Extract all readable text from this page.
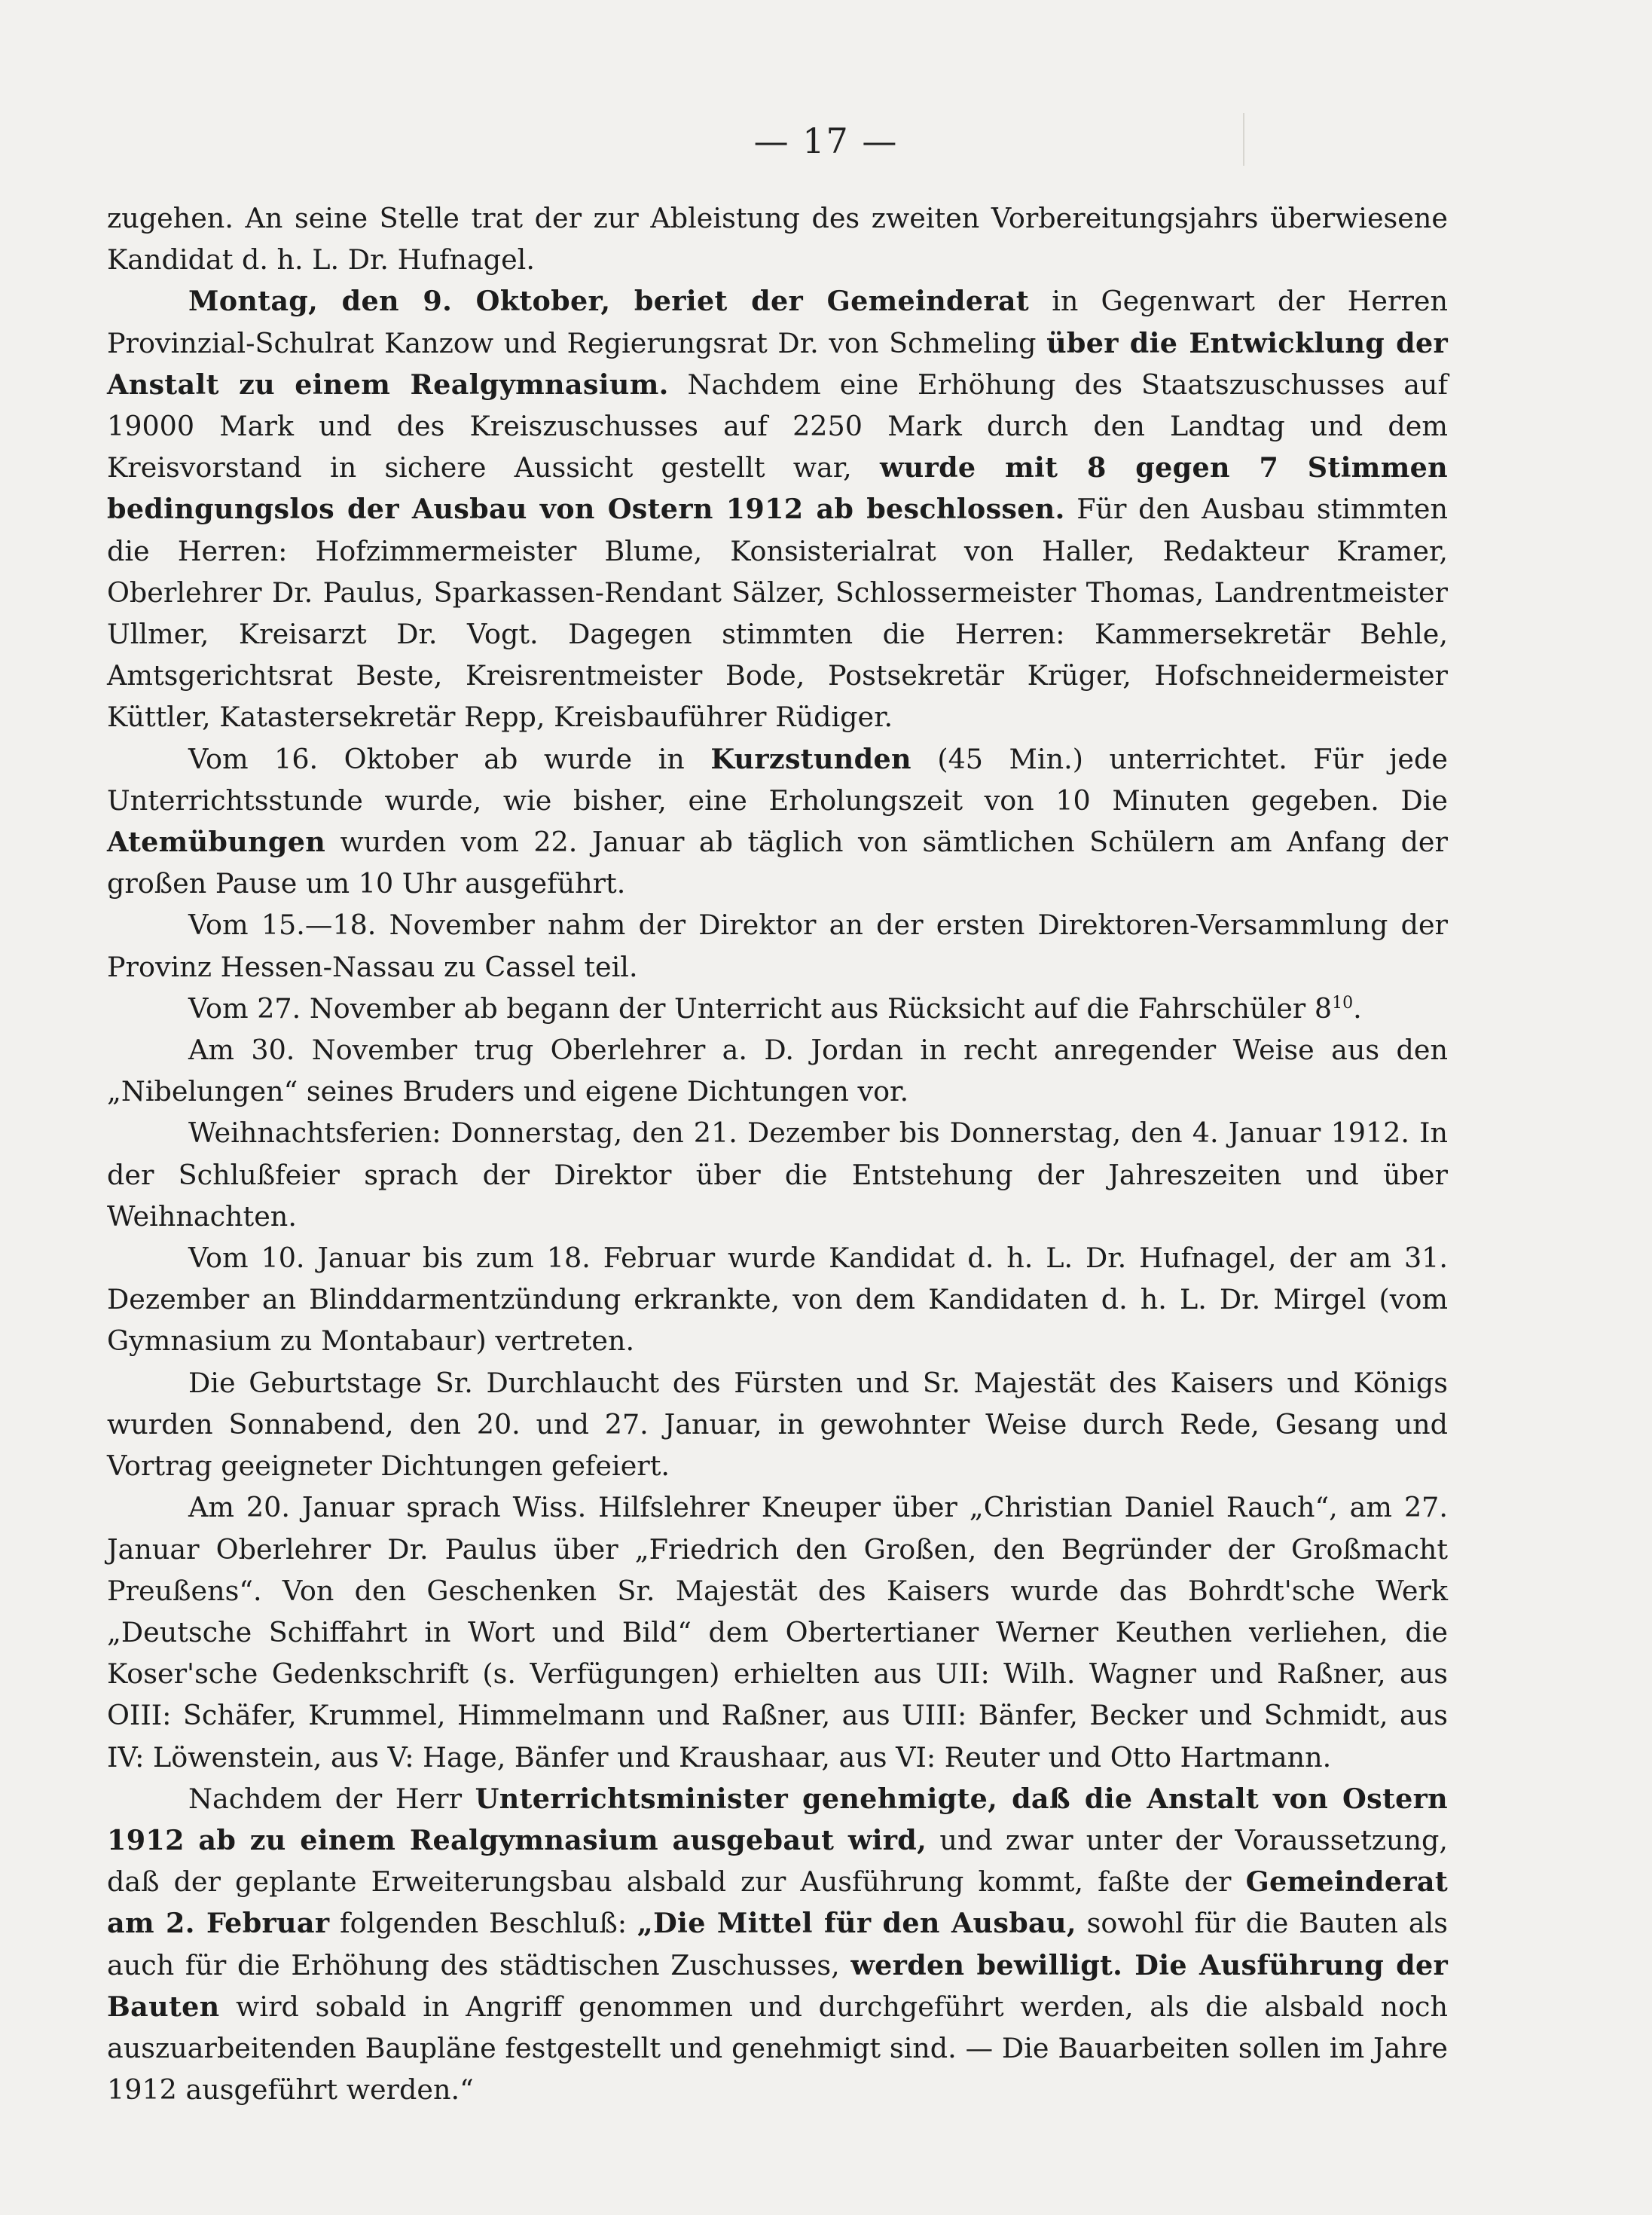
— 17 —

zugehen. An seine Stelle trat der zur Ableistung des zweiten Vorbereitungsjahrs überwiesene Kandidat d. h. L. Dr. Hufnagel.

Montag, den 9. Oktober, beriet der Gemeinderat in Gegenwart der Herren Provinzial-Schulrat Kanzow und Regierungsrat Dr. von Schmeling über die Entwicklung der Anstalt zu einem Realgymnasium. Nachdem eine Erhöhung des Staatszuschusses auf 19000 Mark und des Kreiszuschusses auf 2250 Mark durch den Landtag und dem Kreisvorstand in sichere Aussicht gestellt war, wurde mit 8 gegen 7 Stimmen bedingungslos der Ausbau von Ostern 1912 ab beschlossen. Für den Ausbau stimmten die Herren: Hofzimmermeister Blume, Konsisterialrat von Haller, Redakteur Kramer, Oberlehrer Dr. Paulus, Sparkassen-Rendant Sälzer, Schlossermeister Thomas, Landrentmeister Ullmer, Kreisarzt Dr. Vogt. Dagegen stimmten die Herren: Kammersekretär Behle, Amtsgerichtsrat Beste, Kreisrentmeister Bode, Postsekretär Krüger, Hofschneidermeister Küttler, Katastersekretär Repp, Kreisbauführer Rüdiger.

Vom 16. Oktober ab wurde in Kurzstunden (45 Min.) unterrichtet. Für jede Unterrichtsstunde wurde, wie bisher, eine Erholungszeit von 10 Minuten gegeben. Die Atemübungen wurden vom 22. Januar ab täglich von sämtlichen Schülern am Anfang der großen Pause um 10 Uhr ausgeführt.

Vom 15.—18. November nahm der Direktor an der ersten Direktoren-Versammlung der Provinz Hessen-Nassau zu Cassel teil.

Vom 27. November ab begann der Unterricht aus Rücksicht auf die Fahrschüler $8^{10}$.

Am 30. November trug Oberlehrer a. D. Jordan in recht anregender Weise aus den „Nibelungen“ seines Bruders und eigene Dichtungen vor.

Weihnachtsferien: Donnerstag, den 21. Dezember bis Donnerstag, den 4. Januar 1912. In der Schlußfeier sprach der Direktor über die Entstehung der Jahreszeiten und über Weihnachten.

Vom 10. Januar bis zum 18. Februar wurde Kandidat d. h. L. Dr. Hufnagel, der am 31. Dezember an Blinddarmentzündung erkrankte, von dem Kandidaten d. h. L. Dr. Mirgel (vom Gymnasium zu Montabaur) vertreten.

Die Geburtstage Sr. Durchlaucht des Fürsten und Sr. Majestät des Kaisers und Königs wurden Sonnabend, den 20. und 27. Januar, in gewohnter Weise durch Rede, Gesang und Vortrag geeigneter Dichtungen gefeiert.

Am 20. Januar sprach Wiss. Hilfslehrer Kneuper über „Christian Daniel Rauch“, am 27. Januar Oberlehrer Dr. Paulus über „Friedrich den Großen, den Begründer der Großmacht Preußens“. Von den Geschenken Sr. Majestät des Kaisers wurde das Bohrdt'sche Werk „Deutsche Schiffahrt in Wort und Bild“ dem Obertertianer Werner Keuthen verliehen, die Koser'sche Gedenkschrift (s. Verfügungen) erhielten aus UII: Wilh. Wagner und Raßner, aus OIII: Schäfer, Krummel, Himmelmann und Raßner, aus UIII: Bänfer, Becker und Schmidt, aus IV: Löwenstein, aus V: Hage, Bänfer und Kraushaar, aus VI: Reuter und Otto Hartmann.

Nachdem der Herr Unterrichtsminister genehmigte, daß die Anstalt von Ostern 1912 ab zu einem Realgymnasium ausgebaut wird, und zwar unter der Voraussetzung, daß der geplante Erweiterungsbau alsbald zur Ausführung kommt, faßte der Gemeinderat am 2. Februar folgenden Beschluß: „Die Mittel für den Ausbau, sowohl für die Bauten als auch für die Erhöhung des städtischen Zuschusses, werden bewilligt. Die Ausführung der Bauten wird sobald in Angriff genommen und durchgeführt werden, als die alsbald noch auszuarbeitenden Baupläne festgestellt und genehmigt sind. — Die Bauarbeiten sollen im Jahre 1912 ausgeführt werden.“
